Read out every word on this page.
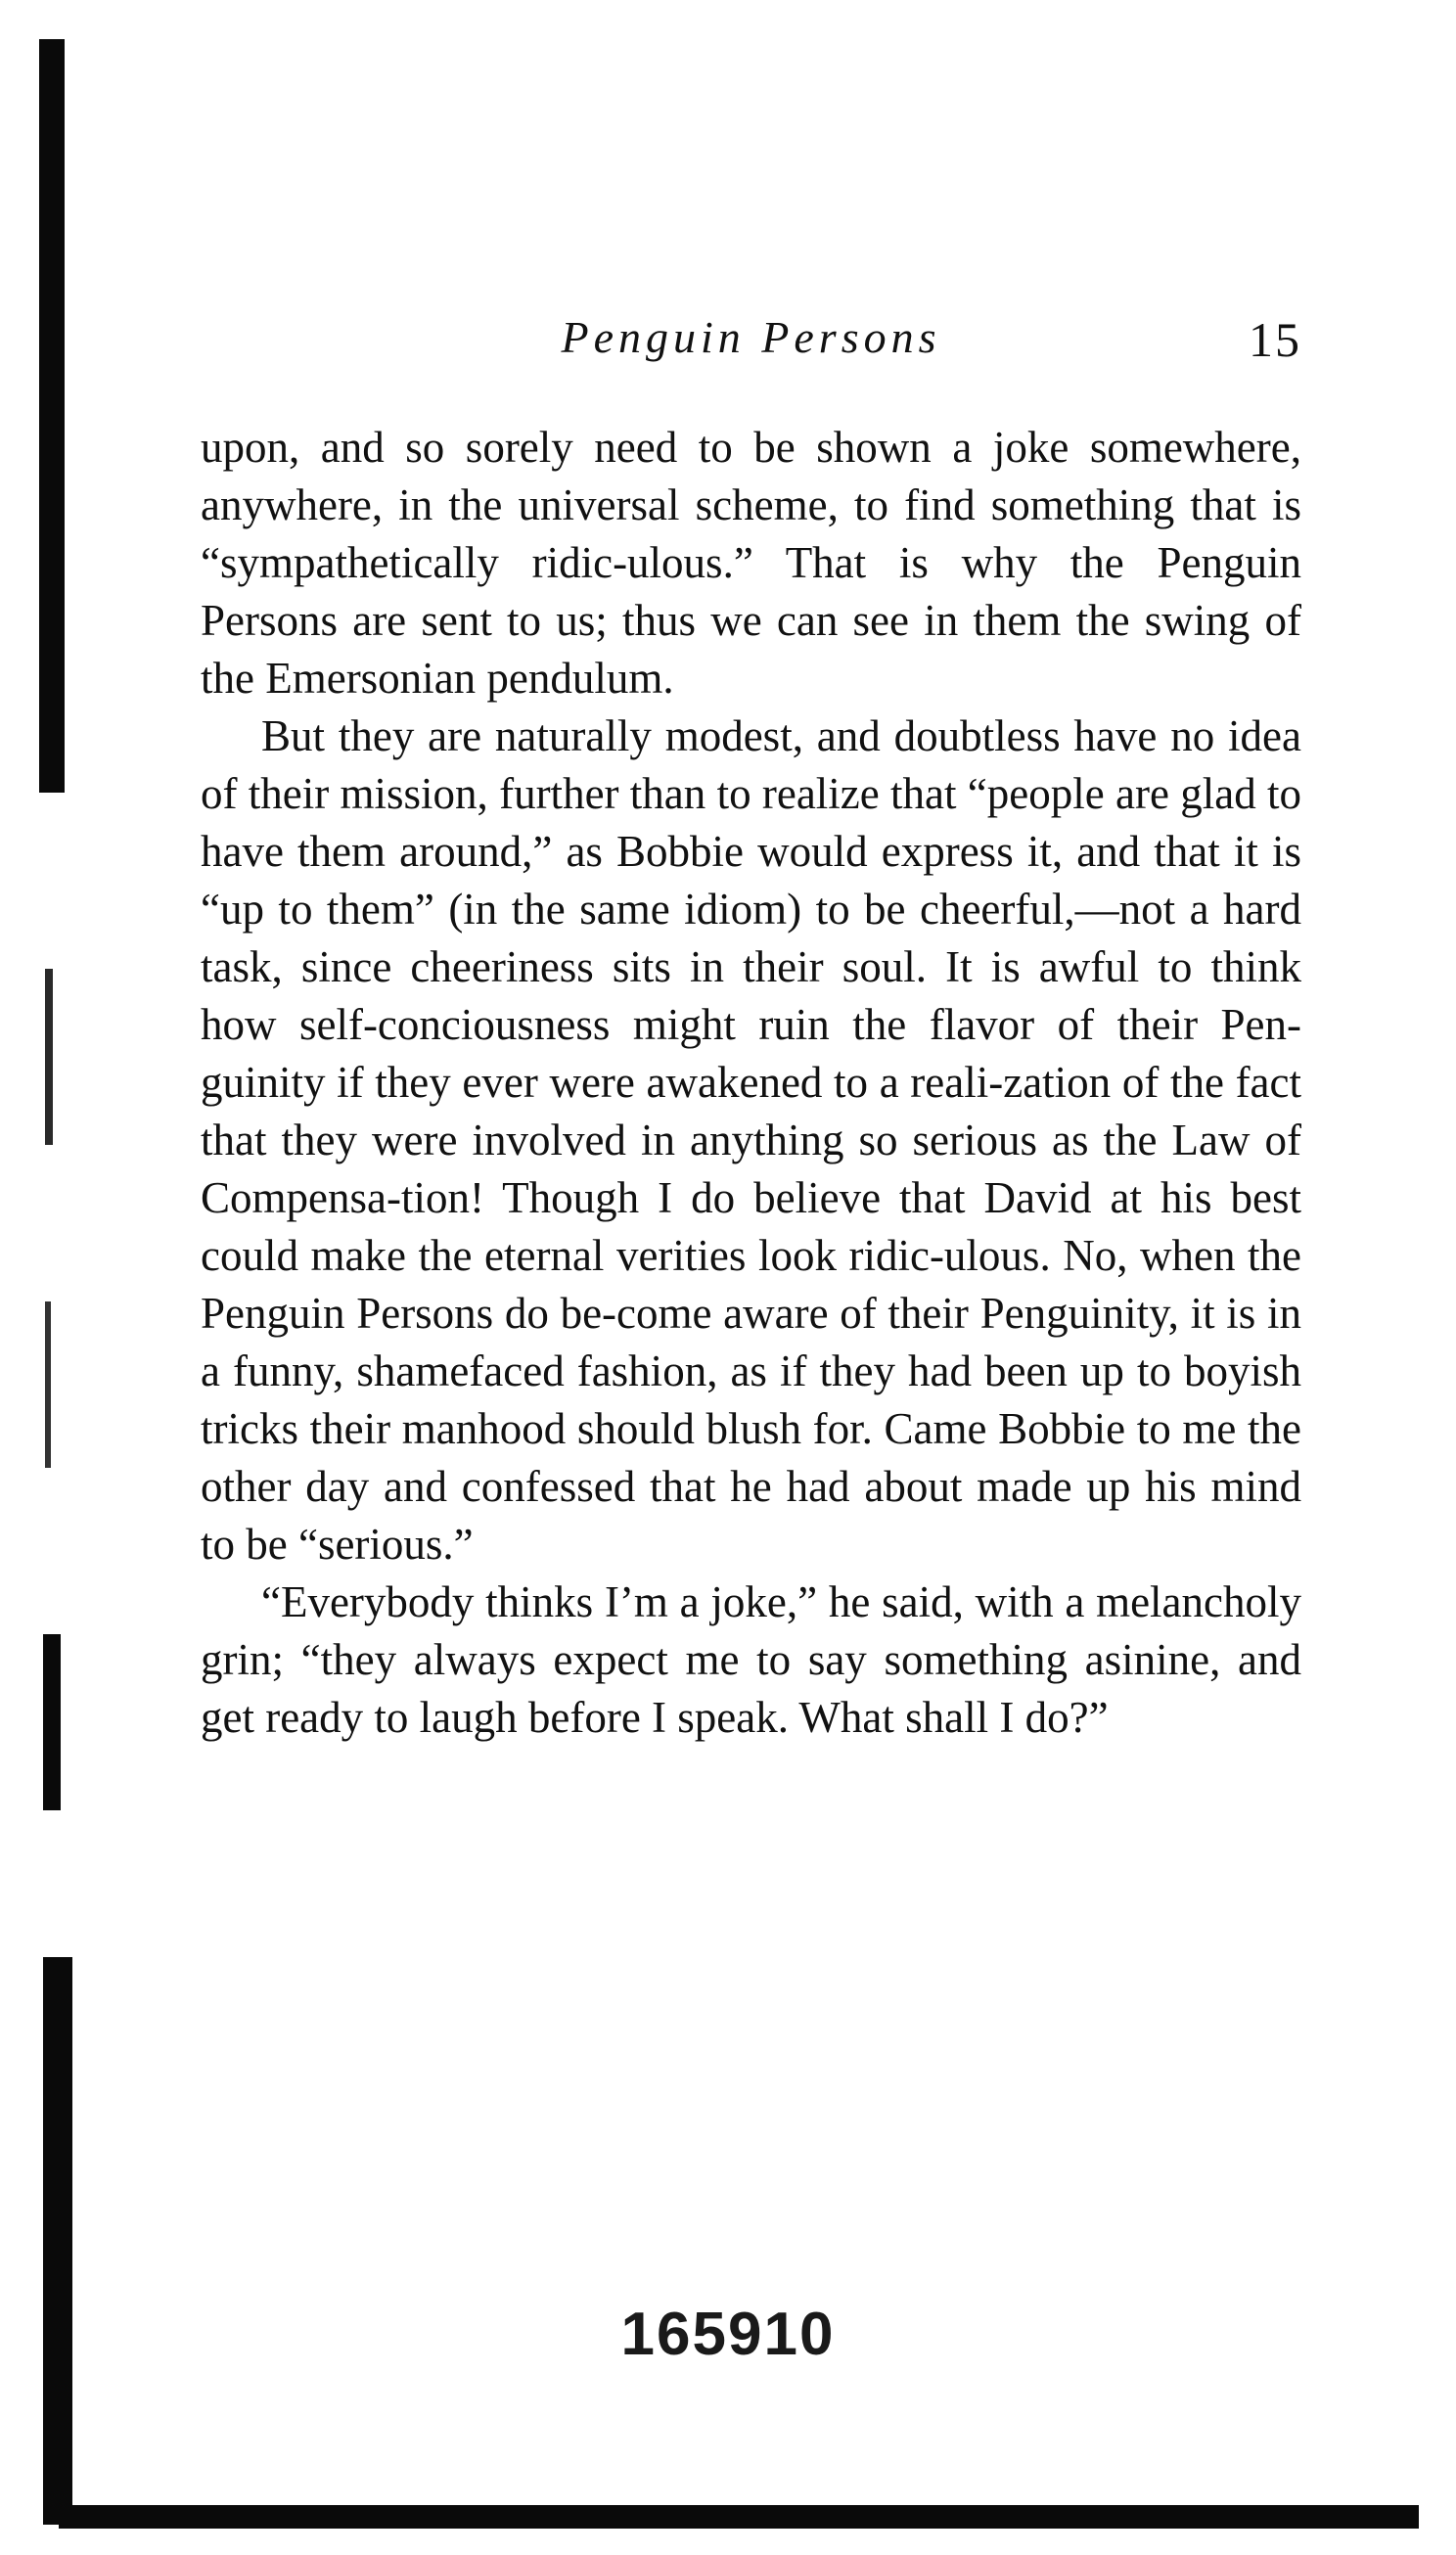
Penguin Persons	15

upon, and so sorely need to be shown a joke somewhere, anywhere, in the universal scheme, to find something that is “sympathetically ridic-ulous.” That is why the Penguin Persons are sent to us; thus we can see in them the swing of the Emersonian pendulum.

But they are naturally modest, and doubtless have no idea of their mission, further than to realize that “people are glad to have them around,” as Bobbie would express it, and that it is “up to them” (in the same idiom) to be cheerful,—not a hard task, since cheeriness sits in their soul. It is awful to think how self-conciousness might ruin the flavor of their Pen-guinity if they ever were awakened to a reali-zation of the fact that they were involved in anything so serious as the Law of Compensa-tion! Though I do believe that David at his best could make the eternal verities look ridic-ulous. No, when the Penguin Persons do be-come aware of their Penguinity, it is in a funny, shamefaced fashion, as if they had been up to boyish tricks their manhood should blush for. Came Bobbie to me the other day and confessed that he had about made up his mind to be “serious.”

“Everybody thinks I’m a joke,” he said, with a melancholy grin; “they always expect me to say something asinine, and get ready to laugh before I speak. What shall I do?”

165910
